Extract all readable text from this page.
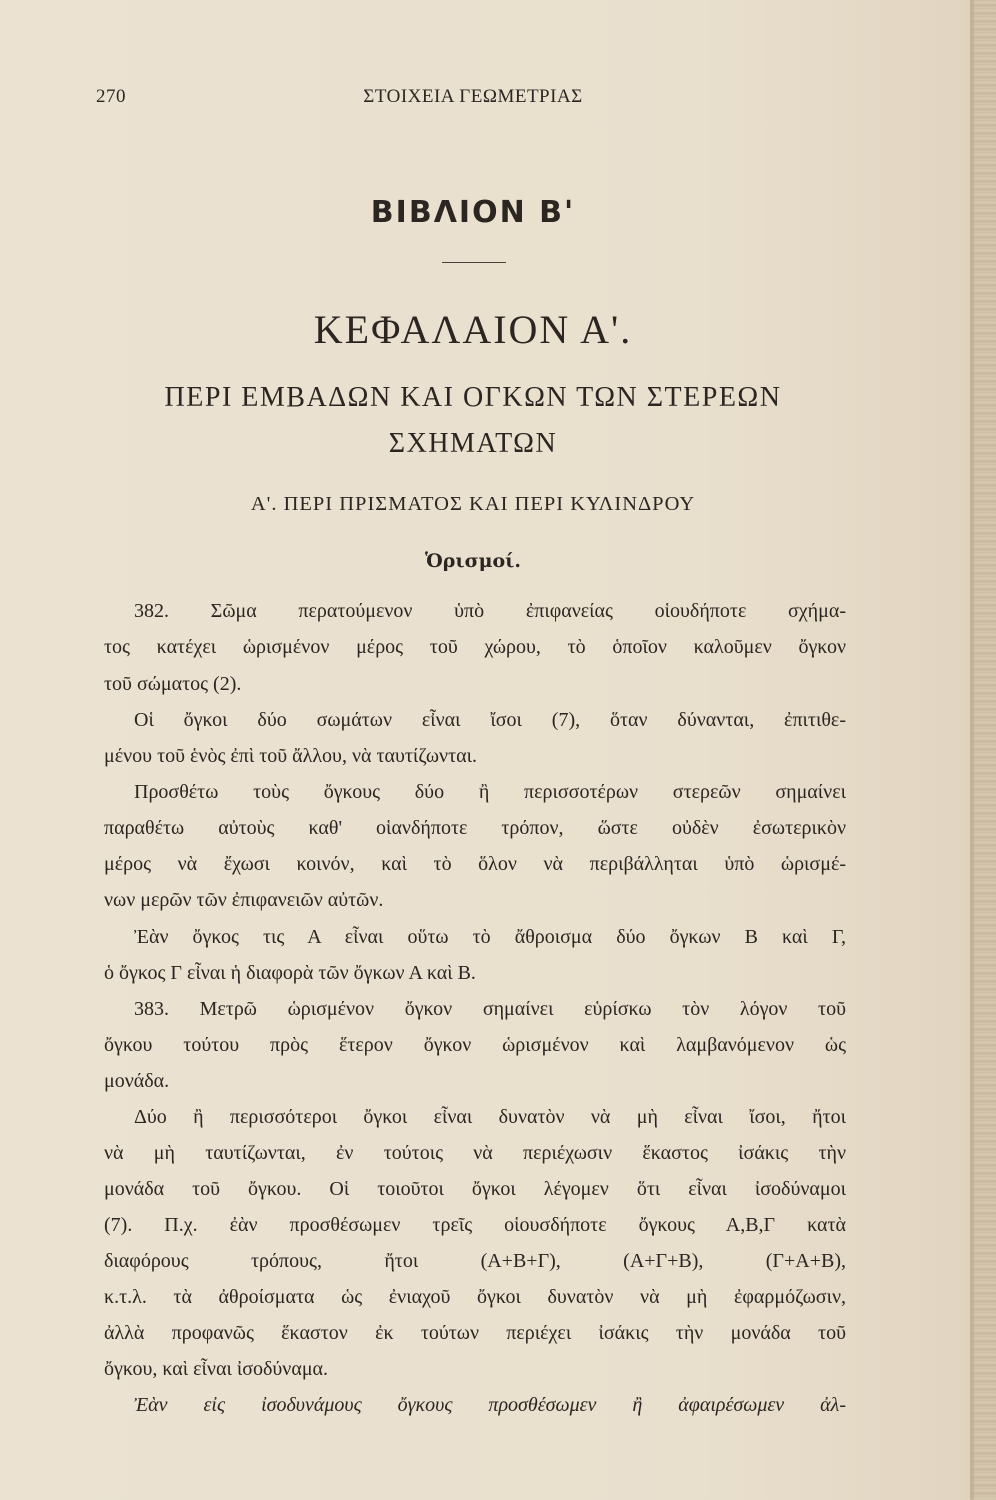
270	ΣΤΟΙΧΕΙΑ ΓΕΩΜΕΤΡΙΑΣ
ΒΙΒΛΙΟΝ Β'
ΚΕΦΑΛΑΙΟΝ Α'.
ΠΕΡΙ ΕΜΒΑΔΩΝ ΚΑΙ ΟΓΚΩΝ ΤΩΝ ΣΤΕΡΕΩΝ
ΣΧΗΜΑΤΩΝ
Α'. ΠΕΡΙ ΠΡΙΣΜΑΤΟΣ ΚΑΙ ΠΕΡΙ ΚΥΛΙΝΔΡΟΥ
Ὁρισμοί.
382. Σῶμα περατούμενον ὑπὸ ἐπιφανείας οἱουδήποτε σχήμα-
τος κατέχει ὡρισμένον μέρος τοῦ χώρου, τὸ ὁποῖον καλοῦμεν ὄγκον
τοῦ σώματος (2).
Οἱ ὄγκοι δύο σωμάτων εἶναι ἴσοι (7), ὅταν δύνανται, ἐπιτιθε-
μένου τοῦ ἑνὸς ἐπὶ τοῦ ἄλλου, νὰ ταυτίζωνται.
Προσθέτω τοὺς ὄγκους δύο ἢ περισσοτέρων στερεῶν σημαίνει
παραθέτω αὐτοὺς καθ' οἱανδήποτε τρόπον, ὥστε οὐδὲν ἐσωτερικὸν
μέρος νὰ ἔχωσι κοινόν, καὶ τὸ ὅλον νὰ περιβάλληται ὑπὸ ὡρισμέ-
νων μερῶν τῶν ἐπιφανειῶν αὐτῶν.
Ἐὰν ὄγκος τις Α εἶναι οὕτω τὸ ἄθροισμα δύο ὄγκων Β καὶ Γ,
ὁ ὄγκος Γ εἶναι ἡ διαφορὰ τῶν ὄγκων Α καὶ Β.
383. Μετρῶ ὡρισμένον ὄγκον σημαίνει εὑρίσκω τὸν λόγον τοῦ
ὄγκου τούτου πρὸς ἕτερον ὄγκον ὡρισμένον καὶ λαμβανόμενον ὡς
μονάδα.
Δύο ἢ περισσότεροι ὄγκοι εἶναι δυνατὸν νὰ μὴ εἶναι ἴσοι, ἤτοι
νὰ μὴ ταυτίζωνται, ἐν τούτοις νὰ περιέχωσιν ἕκαστος ἰσάκις τὴν
μονάδα τοῦ ὄγκου. Οἱ τοιοῦτοι ὄγκοι λέγομεν ὅτι εἶναι ἰσοδύναμοι
(7). Π.χ. ἐὰν προσθέσωμεν τρεῖς οἱουσδήποτε ὄγκους Α,Β,Γ κατὰ
διαφόρους τρόπους, ἤτοι (Α+Β+Γ), (Α+Γ+Β), (Γ+Α+Β),
κ.τ.λ. τὰ ἀθροίσματα ὡς ἐνιαχοῦ ὄγκοι δυνατὸν νὰ μὴ ἐφαρμόζωσιν,
ἀλλὰ προφανῶς ἕκαστον ἐκ τούτων περιέχει ἰσάκις τὴν μονάδα τοῦ
ὄγκου, καὶ εἶναι ἰσοδύναμα.
Ἐὰν εἰς ἰσοδυνάμους ὄγκους προσθέσωμεν ἢ ἀφαιρέσωμεν ἀλ-
